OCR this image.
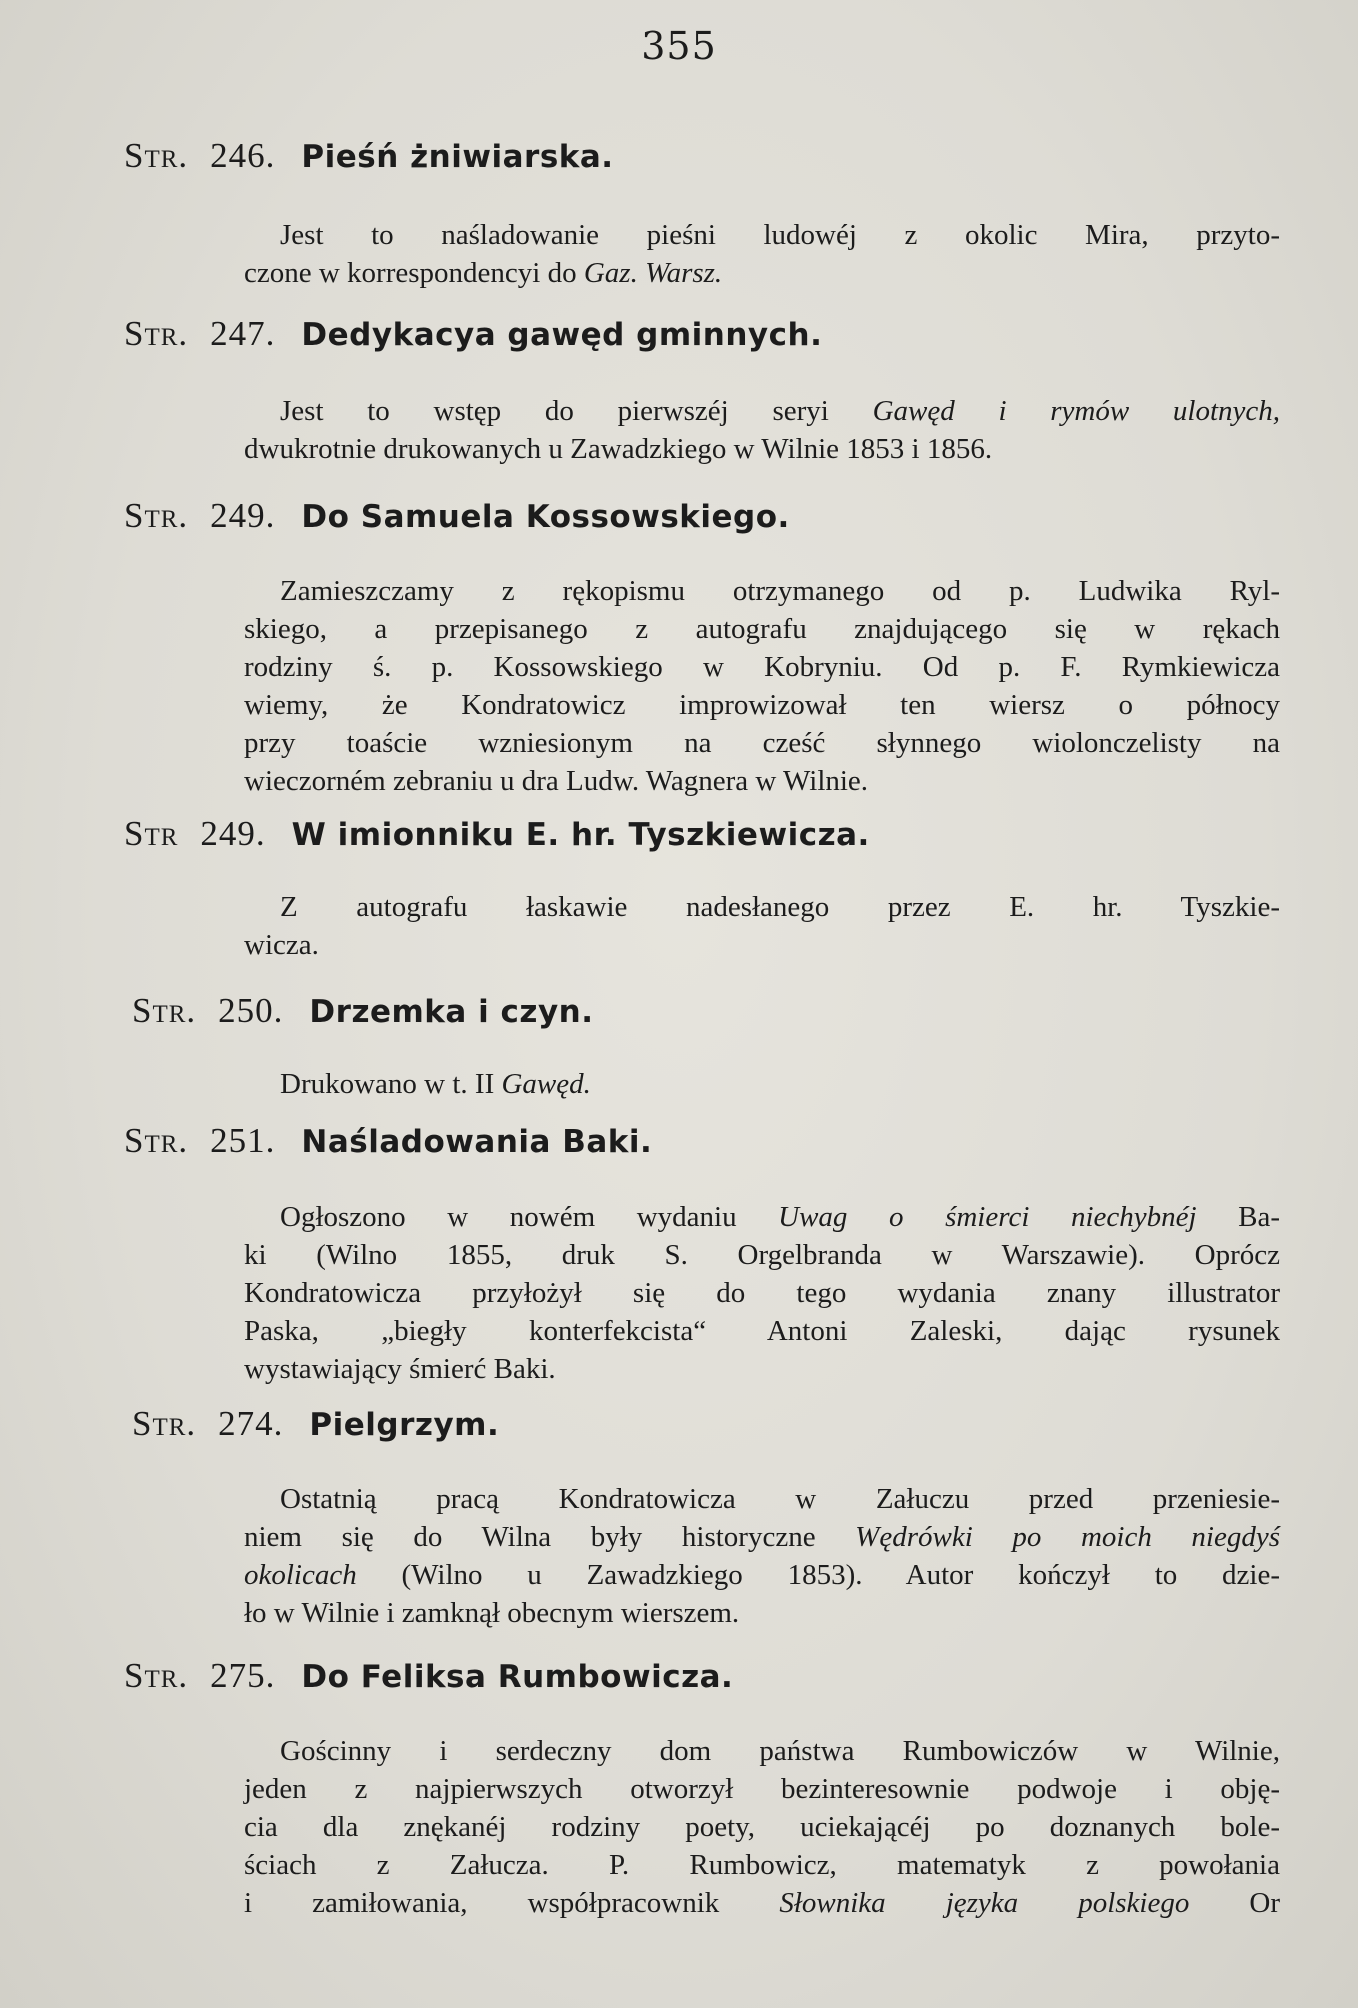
355
Str. 246. Pieśń żniwiarska.
Jest to naśladowanie pieśni ludowéj z okolic Mira, przyto-
czone w korrespondencyi do Gaz. Warsz.
Str. 247. Dedykacya gawęd gminnych.
Jest to wstęp do pierwszéj seryi Gawęd i rymów ulotnych,
dwukrotnie drukowanych u Zawadzkiego w Wilnie 1853 i 1856.
Str. 249. Do Samuela Kossowskiego.
Zamieszczamy z rękopismu otrzymanego od p. Ludwika Ryl-
skiego, a przepisanego z autografu znajdującego się w rękach
rodziny ś. p. Kossowskiego w Kobryniu. Od p. F. Rymkiewicza
wiemy, że Kondratowicz improwizował ten wiersz o północy
przy toaście wzniesionym na cześć słynnego wiolonczelisty na
wieczorném zebraniu u dra Ludw. Wagnera w Wilnie.
Str 249. W imionniku E. hr. Tyszkiewicza.
Z autografu łaskawie nadesłanego przez E. hr. Tyszkie-
wicza.
Str. 250. Drzemka i czyn.
Drukowano w t. II Gawęd.
Str. 251. Naśladowania Baki.
Ogłoszono w nowém wydaniu Uwag o śmierci niechybnéj Ba-
ki (Wilno 1855, druk S. Orgelbranda w Warszawie). Oprócz
Kondratowicza przyłożył się do tego wydania znany illustrator
Paska, „biegły konterfekcista“ Antoni Zaleski, dając rysunek
wystawiający śmierć Baki.
Str. 274. Pielgrzym.
Ostatnią pracą Kondratowicza w Załuczu przed przeniesie-
niem się do Wilna były historyczne Wędrówki po moich niegdyś
okolicach (Wilno u Zawadzkiego 1853). Autor kończył to dzie-
ło w Wilnie i zamknął obecnym wierszem.
Str. 275. Do Feliksa Rumbowicza.
Gościnny i serdeczny dom państwa Rumbowiczów w Wilnie,
jeden z najpierwszych otworzył bezinteresownie podwoje i obję-
cia dla znękanéj rodziny poety, uciekającéj po doznanych bole-
ściach z Załucza. P. Rumbowicz, matematyk z powołania
i zamiłowania, współpracownik Słownika języka polskiego Or
